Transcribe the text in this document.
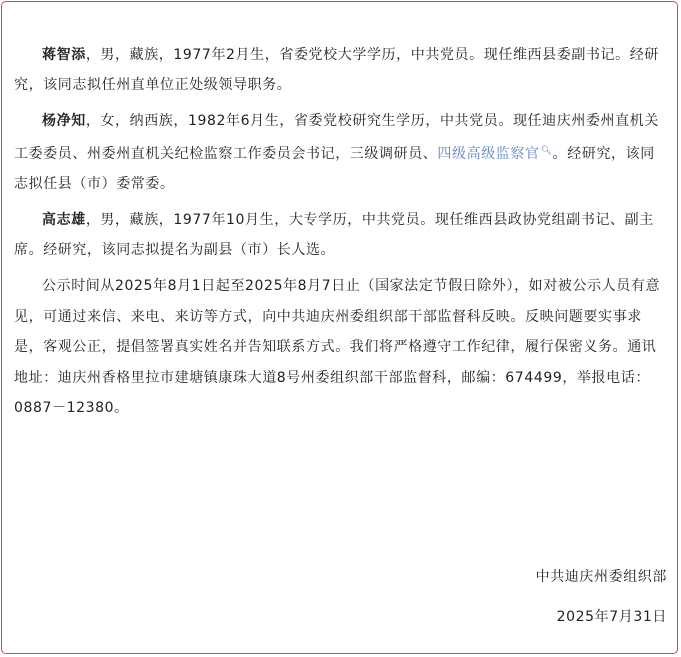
蒋智添，男，藏族，1977年2月生，省委党校大学学历，中共党员。现任维西县委副书记。经研究，该同志拟任州直单位正处级领导职务。

杨净知，女，纳西族，1982年6月生，省委党校研究生学历，中共党员。现任迪庆州委州直机关工委委员、州委州直机关纪检监察工作委员会书记，三级调研员、四级高级监察官🔍︎。经研究，该同志拟任县（市）委常委。

高志雄，男，藏族，1977年10月生，大专学历，中共党员。现任维西县政协党组副书记、副主席。经研究，该同志拟提名为副县（市）长人选。

公示时间从2025年8月1日起至2025年8月7日止（国家法定节假日除外），如对被公示人员有意见，可通过来信、来电、来访等方式，向中共迪庆州委组织部干部监督科反映。反映问题要实事求是，客观公正，提倡签署真实姓名并告知联系方式。我们将严格遵守工作纪律，履行保密义务。通讯地址：迪庆州香格里拉市建塘镇康珠大道8号州委组织部干部监督科，邮编：674499，举报电话：0887－12380。

中共迪庆州委组织部

2025年7月31日
